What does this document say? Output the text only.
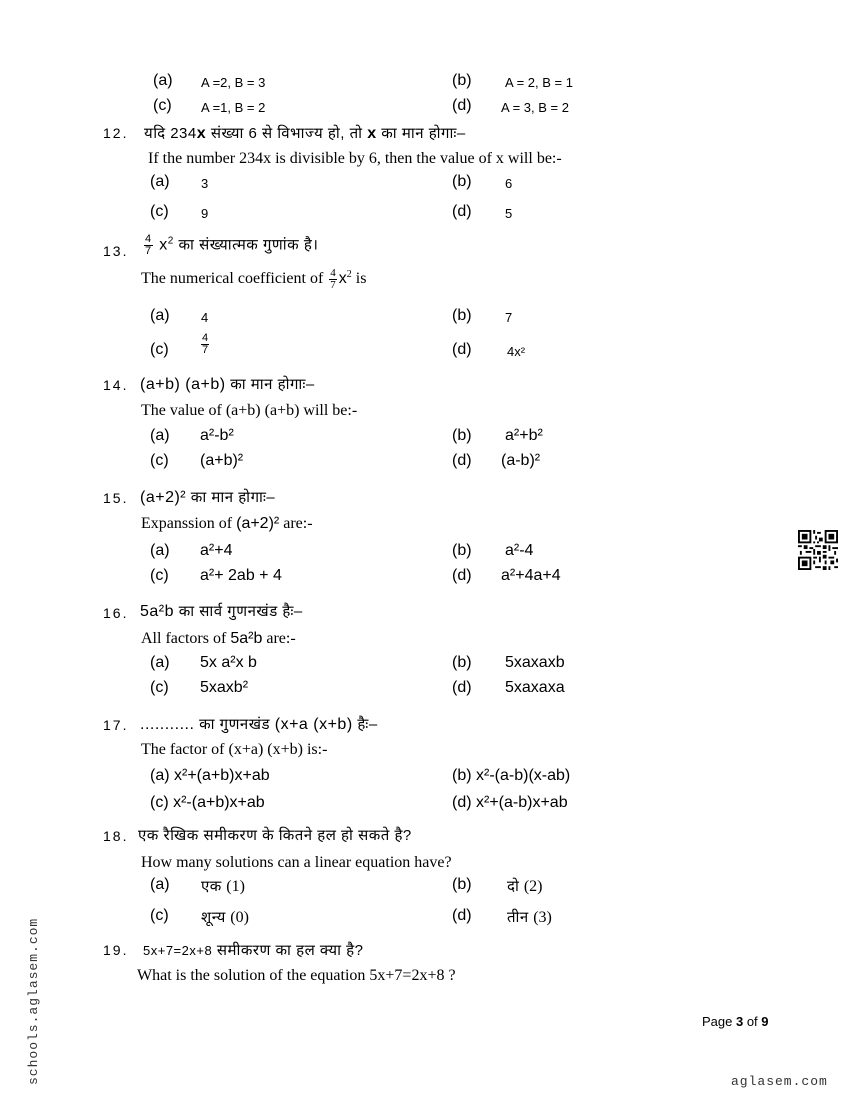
(a) A =2, B = 3	(b)	A = 2, B = 1
(c) A =1, B = 2	(d) A = 3, B = 2
12. यदि 234x संख्या 6 से विभाज्य हो, तो x का मान होगाः–
If the number 234x is divisible by 6, then the value of x will be:-
(a) 3	(b)	6
(c) 9	(d)	5
13. $\frac{4}{7} x^2$ का संख्यात्मक गुणांक है।
The numerical coefficient of $\frac{4}{7} x^2$ is
(a) 4	(b)	7
(c)	$\frac{4}{7}$	(d)	4x²
14. (a+b) (a+b) का मान होगाः–
The value of (a+b) (a+b) will be:-
(a) a²-b²	(b) a²+b²
(c) (a+b)²	(d) (a-b)²
15. (a+2)² का मान होगाः–
Expanssion of (a+2)² are:-
(a) a²+4	(b) a²-4
(c) a²+ 2ab + 4	(d) a²+4a+4
16. 5a²b का सार्व गुणनखंड हैः–
All factors of 5a²b are:-
(a) 5x a²x b	(b) 5xaxaxb
(c) 5xaxb²	(d) 5xaxaxa
17. ........... का गुणनखंड (x+a (x+b) हैः–
The factor of (x+a) (x+b) is:-
(a) x²+(a+b)x+ab	(b) x²-(a-b)(x-ab)
(c) x²-(a+b)x+ab	(d) x²+(a-b)x+ab
18. एक रैखिक समीकरण के कितने हल हो सकते है?
How many solutions can a linear equation have?
(a) एक (1)	(b) दो (2)
(c) शून्य (0)	(d) तीन (3)
19. 5x+7=2x+8 समीकरण का हल क्या है?
What is the solution of the equation 5x+7=2x+8 ?
Page 3 of 9
aglasem.com
schools.aglasem.com
